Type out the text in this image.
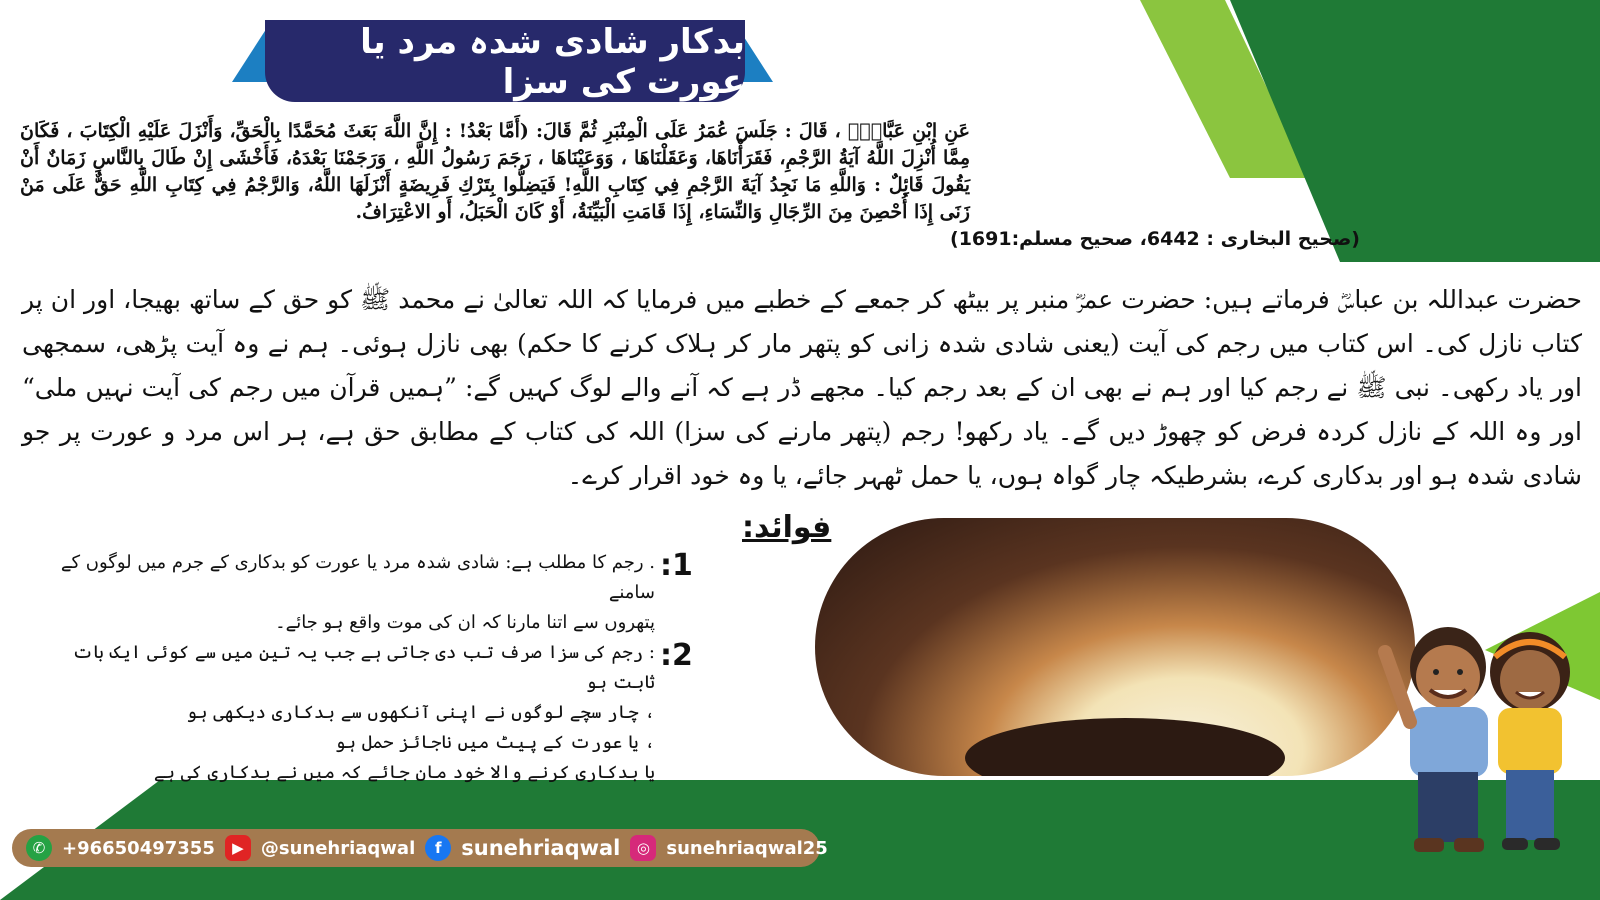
بدکار شادی شدہ مرد یا عورت کی سزا
عَنِ ابْنِ عَبَّاسٍؓ ، قَالَ : جَلَسَ عُمَرُ عَلَى الْمِنْبَرِ ثُمَّ قَالَ: (أَمَّا بَعْدُ! : إِنَّ اللَّهَ بَعَثَ مُحَمَّدًا بِالْحَقِّ، وَأَنْزَلَ عَلَيْهِ الْكِتَابَ ، فَكَانَ مِمَّا أُنْزِلَ اللَّهُ آيَةُ الرَّجْمِ، فَقَرَأْنَاهَا، وَعَقَلْنَاهَا ، وَوَعَيْنَاهَا ، رَجَمَ رَسُولُ اللَّهِ ، وَرَجَمْنَا بَعْدَهُ، فَأَخْشَى إِنْ طَالَ بِالنَّاسِ زَمَانٌ أَنْ يَقُولَ قَائِلٌ : وَاللَّهِ مَا نَجِدُ آيَةَ الرَّجْمِ فِي كِتَابِ اللَّهِ! فَيَضِلُّوا بِتَرْكِ فَرِيضَةٍ أَنْزَلَهَا اللَّهُ، وَالرَّجْمُ فِي كِتَابِ اللَّهِ حَقٌّ عَلَى مَنْ زَنَى إِذَا أُحْصِنَ مِنَ الرِّجَالِ وَالنِّسَاءِ، إِذَا قَامَتِ الْبَيِّنَةُ، أَوْ كَانَ الْحَبَلُ، أَو الاعْتِرَافُ.
(صحیح البخاری : 6442، صحیح مسلم:1691)
حضرت عبداللہ بن عباسؓ فرماتے ہیں: حضرت عمرؓ منبر پر بیٹھ کر جمعے کے خطبے میں فرمایا کہ اللہ تعالیٰ نے محمد ﷺ کو حق کے ساتھ بھیجا، اور ان پر کتاب نازل کی۔ اس کتاب میں رجم کی آیت (یعنی شادی شدہ زانی کو پتھر مار کر ہلاک کرنے کا حکم) بھی نازل ہوئی۔ ہم نے وہ آیت پڑھی، سمجھی اور یاد رکھی۔ نبی ﷺ نے رجم کیا اور ہم نے بھی ان کے بعد رجم کیا۔ مجھے ڈر ہے کہ آنے والے لوگ کہیں گے: ”ہمیں قرآن میں رجم کی آیت نہیں ملی“ اور وہ اللہ کے نازل کردہ فرض کو چھوڑ دیں گے۔ یاد رکھو! رجم (پتھر مارنے کی سزا) اللہ کی کتاب کے مطابق حق ہے، ہر اس مرد و عورت پر جو شادی شدہ ہو اور بدکاری کرے، بشرطیکہ چار گواہ ہوں، یا حمل ٹھہر جائے، یا وہ خود اقرار کرے۔
فوائد:
:1
. رجم کا مطلب ہے: شادی شدہ مرد یا عورت کو بدکاری کے جرم میں لوگوں کے سامنے
پتھروں سے اتنا مارنا کہ ان کی موت واقع ہو جائے۔
:2
: رجم کی سزا صرف تب دی جاتی ہے جب یہ تین میں سے کوئی ایک بات ثابت ہو
، چار سچے لوگوں نے اپنی آنکھوں سے بدکاری دیکھی ہو
، یا عورت کے پیٹ میں ناجائز حمل ہو
یا بدکاری کرنے والا خود مان جائے کہ میں نے بدکاری کی ہے
✆ +96650497355	▶ @sunehriaqwal	f sunehriaqwal	◎ sunehriaqwal25
